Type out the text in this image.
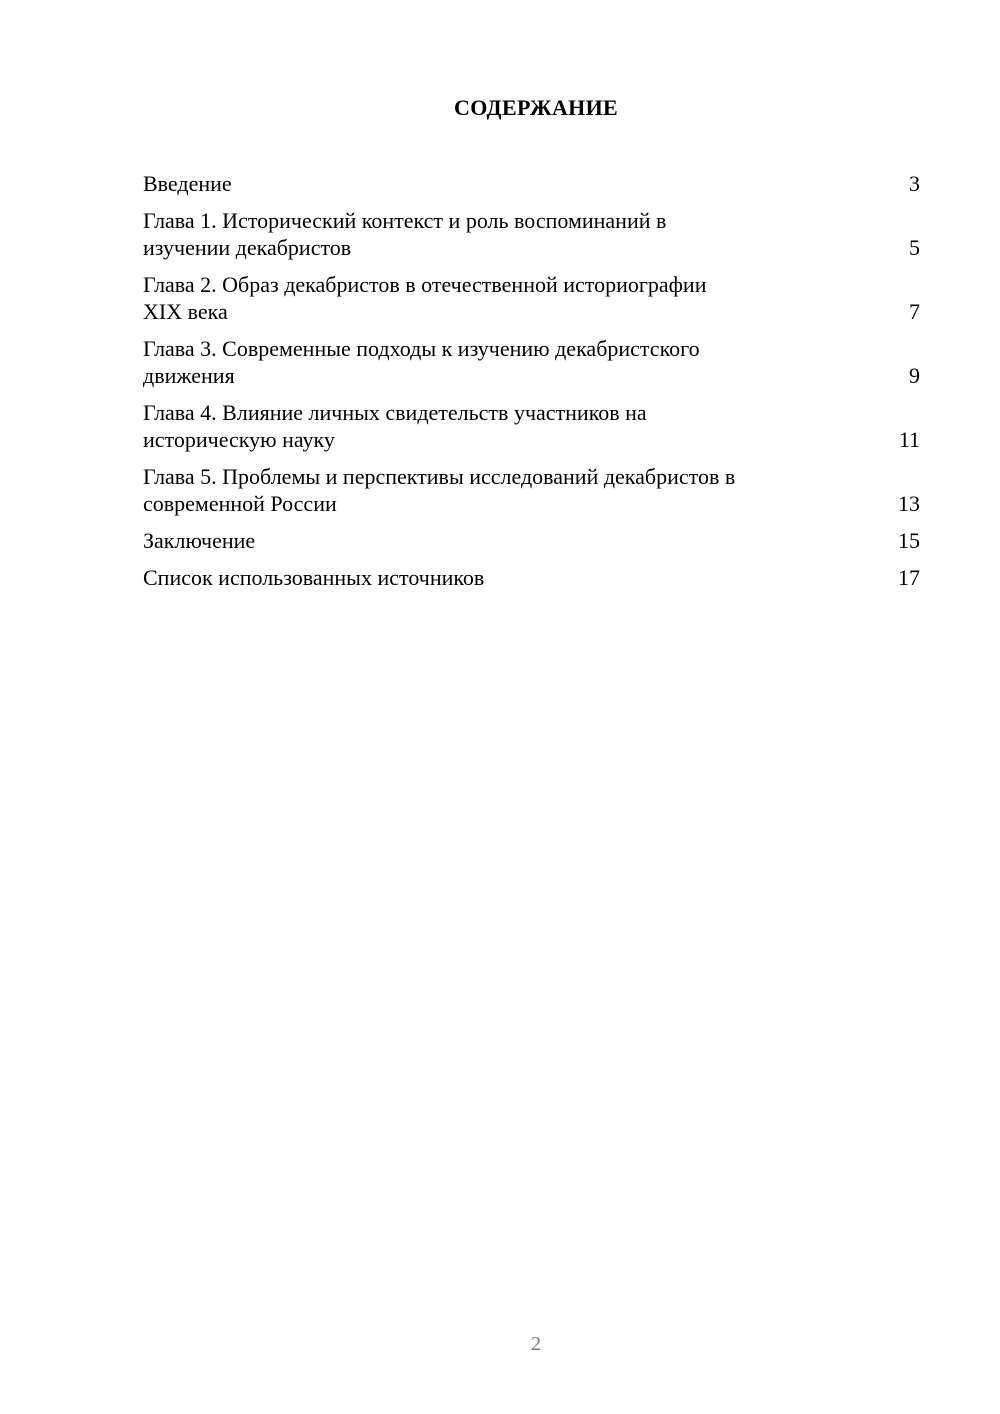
СОДЕРЖАНИЕ
Введение	3
Глава 1. Исторический контекст и роль воспоминаний в
изучении декабристов	5
Глава 2. Образ декабристов в отечественной историографии
XIX века	7
Глава 3. Современные подходы к изучению декабристского
движения	9
Глава 4. Влияние личных свидетельств участников на
историческую науку	11
Глава 5. Проблемы и перспективы исследований декабристов в
современной России	13
Заключение	15
Список использованных источников	17
2
